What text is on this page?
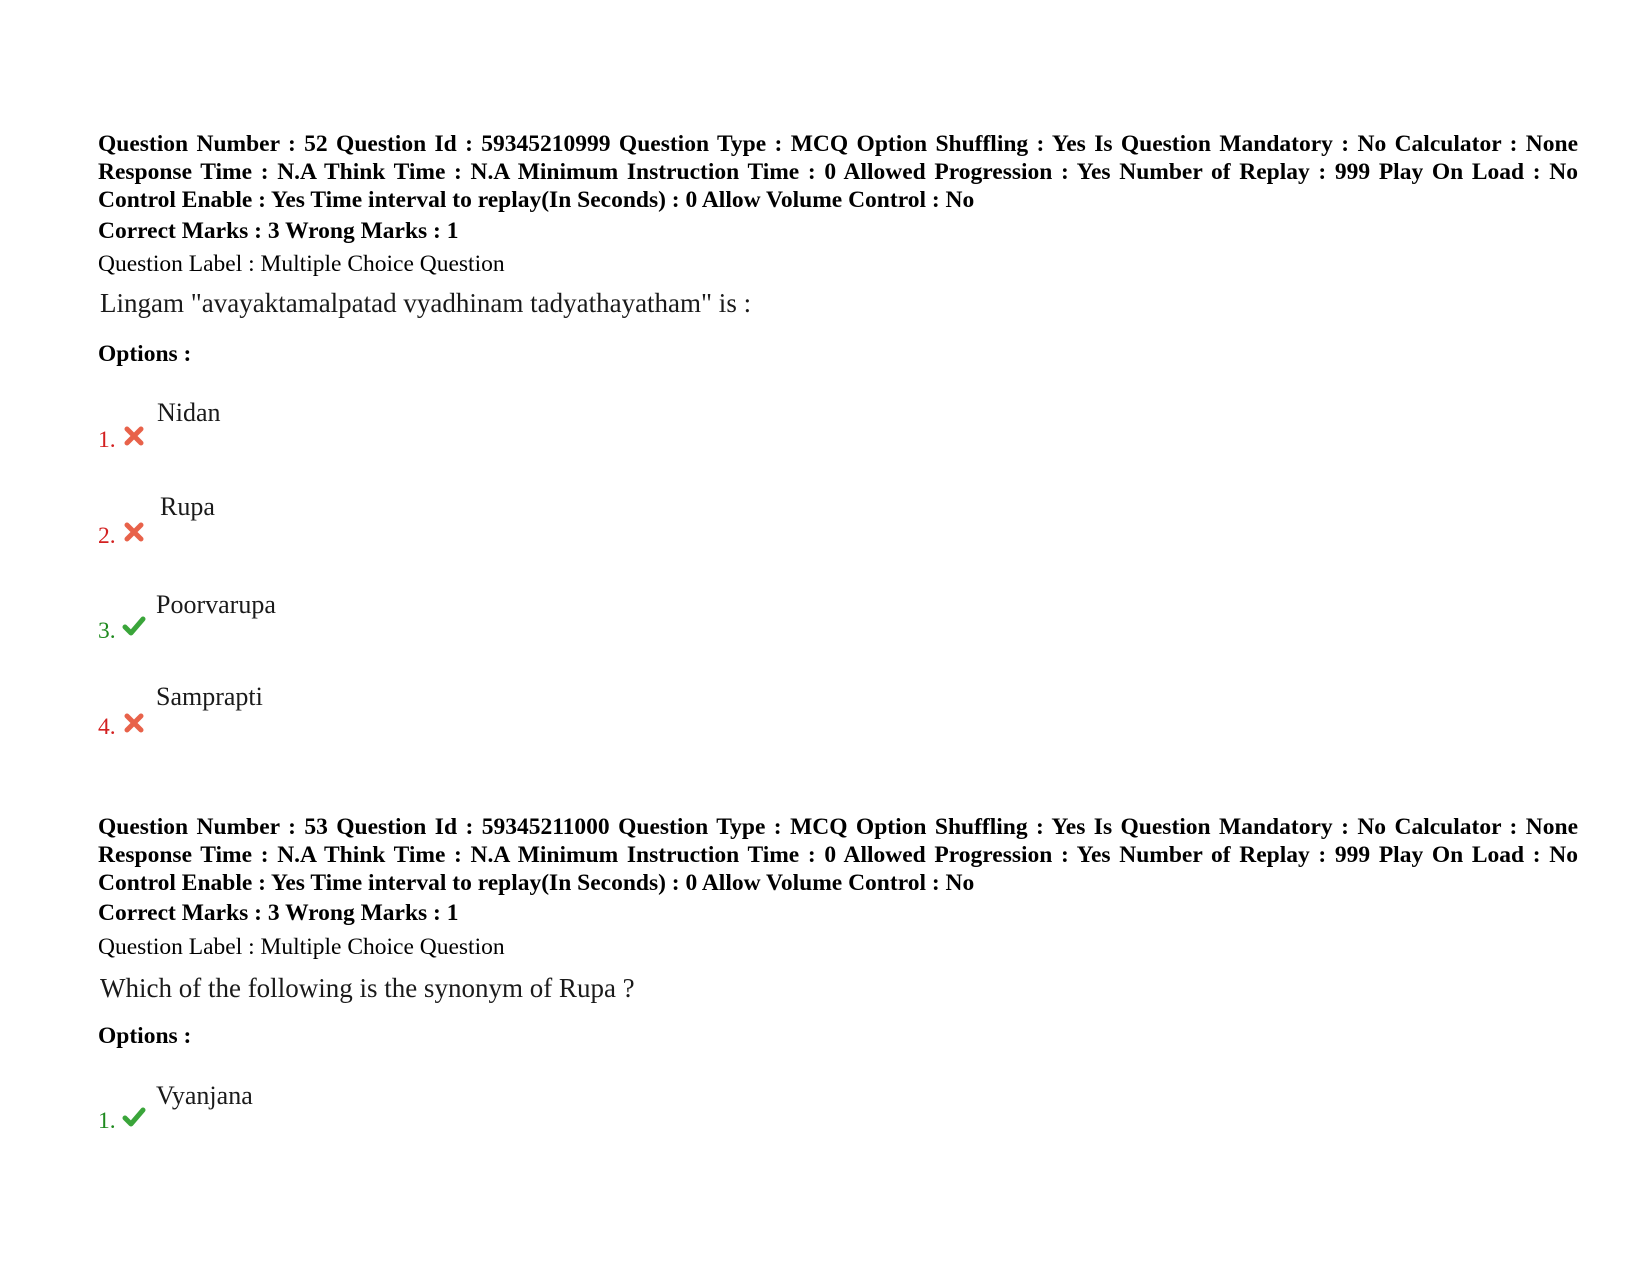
Question Number : 52 Question Id : 59345210999 Question Type : MCQ Option Shuffling : Yes Is Question Mandatory : No Calculator : None Response Time : N.A Think Time : N.A Minimum Instruction Time : 0 Allowed Progression : Yes Number of Replay : 999 Play On Load : No Control Enable : Yes Time interval to replay(In Seconds) : 0 Allow Volume Control : No
Correct Marks : 3 Wrong Marks : 1
Question Label : Multiple Choice Question
Lingam "avayaktamalpatad vyadhinam tadyathayatham" is :
Options :
Nidan
1.
Rupa
2.
Poorvarupa
3.
Samprapti
4.
Question Number : 53 Question Id : 59345211000 Question Type : MCQ Option Shuffling : Yes Is Question Mandatory : No Calculator : None Response Time : N.A Think Time : N.A Minimum Instruction Time : 0 Allowed Progression : Yes Number of Replay : 999 Play On Load : No Control Enable : Yes Time interval to replay(In Seconds) : 0 Allow Volume Control : No
Correct Marks : 3 Wrong Marks : 1
Question Label : Multiple Choice Question
Which of the following is the synonym of Rupa ?
Options :
Vyanjana
1.
